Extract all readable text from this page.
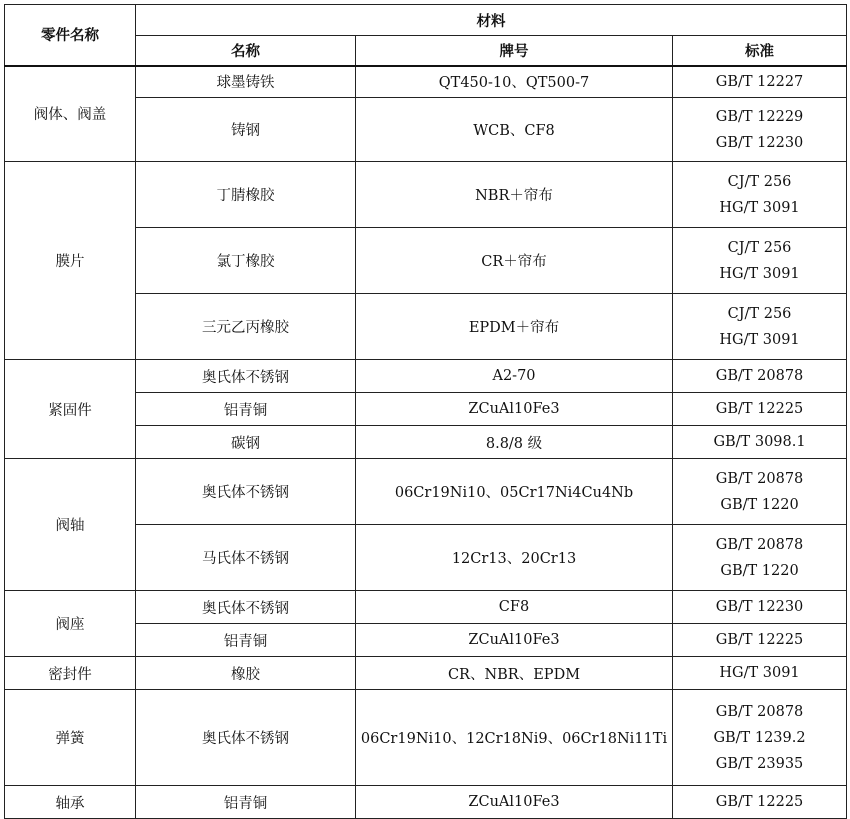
零件名称	材料		
	名称	牌号	标准
阀体、阀盖	球墨铸铁	QT450-10、QT500-7	GB/T 12227

	铸钢	WCB、CF8	GB/T 12229
GB/T 12230

膜片	丁腈橡胶	NBR＋帘布	CJ/T 256
HG/T 3091

	氯丁橡胶	CR＋帘布	CJ/T 256
HG/T 3091

	三元乙丙橡胶	EPDM＋帘布	CJ/T 256
HG/T 3091

紧固件	奥氏体不锈钢	A2-70	GB/T 20878

	铝青铜	ZCuAl10Fe3	GB/T 12225

	碳钢	8.8/8 级	GB/T 3098.1

阀轴	奥氏体不锈钢	06Cr19Ni10、05Cr17Ni4Cu4Nb	GB/T 20878
GB/T 1220

	马氏体不锈钢	12Cr13、20Cr13	GB/T 20878
GB/T 1220

阀座	奥氏体不锈钢	CF8	GB/T 12230

	铝青铜	ZCuAl10Fe3	GB/T 12225

密封件	橡胶	CR、NBR、EPDM	HG/T 3091

弹簧	奥氏体不锈钢	06Cr19Ni10、12Cr18Ni9、06Cr18Ni11Ti	GB/T 20878
GB/T 1239.2
GB/T 23935

轴承	铝青铜	ZCuAl10Fe3	GB/T 12225
